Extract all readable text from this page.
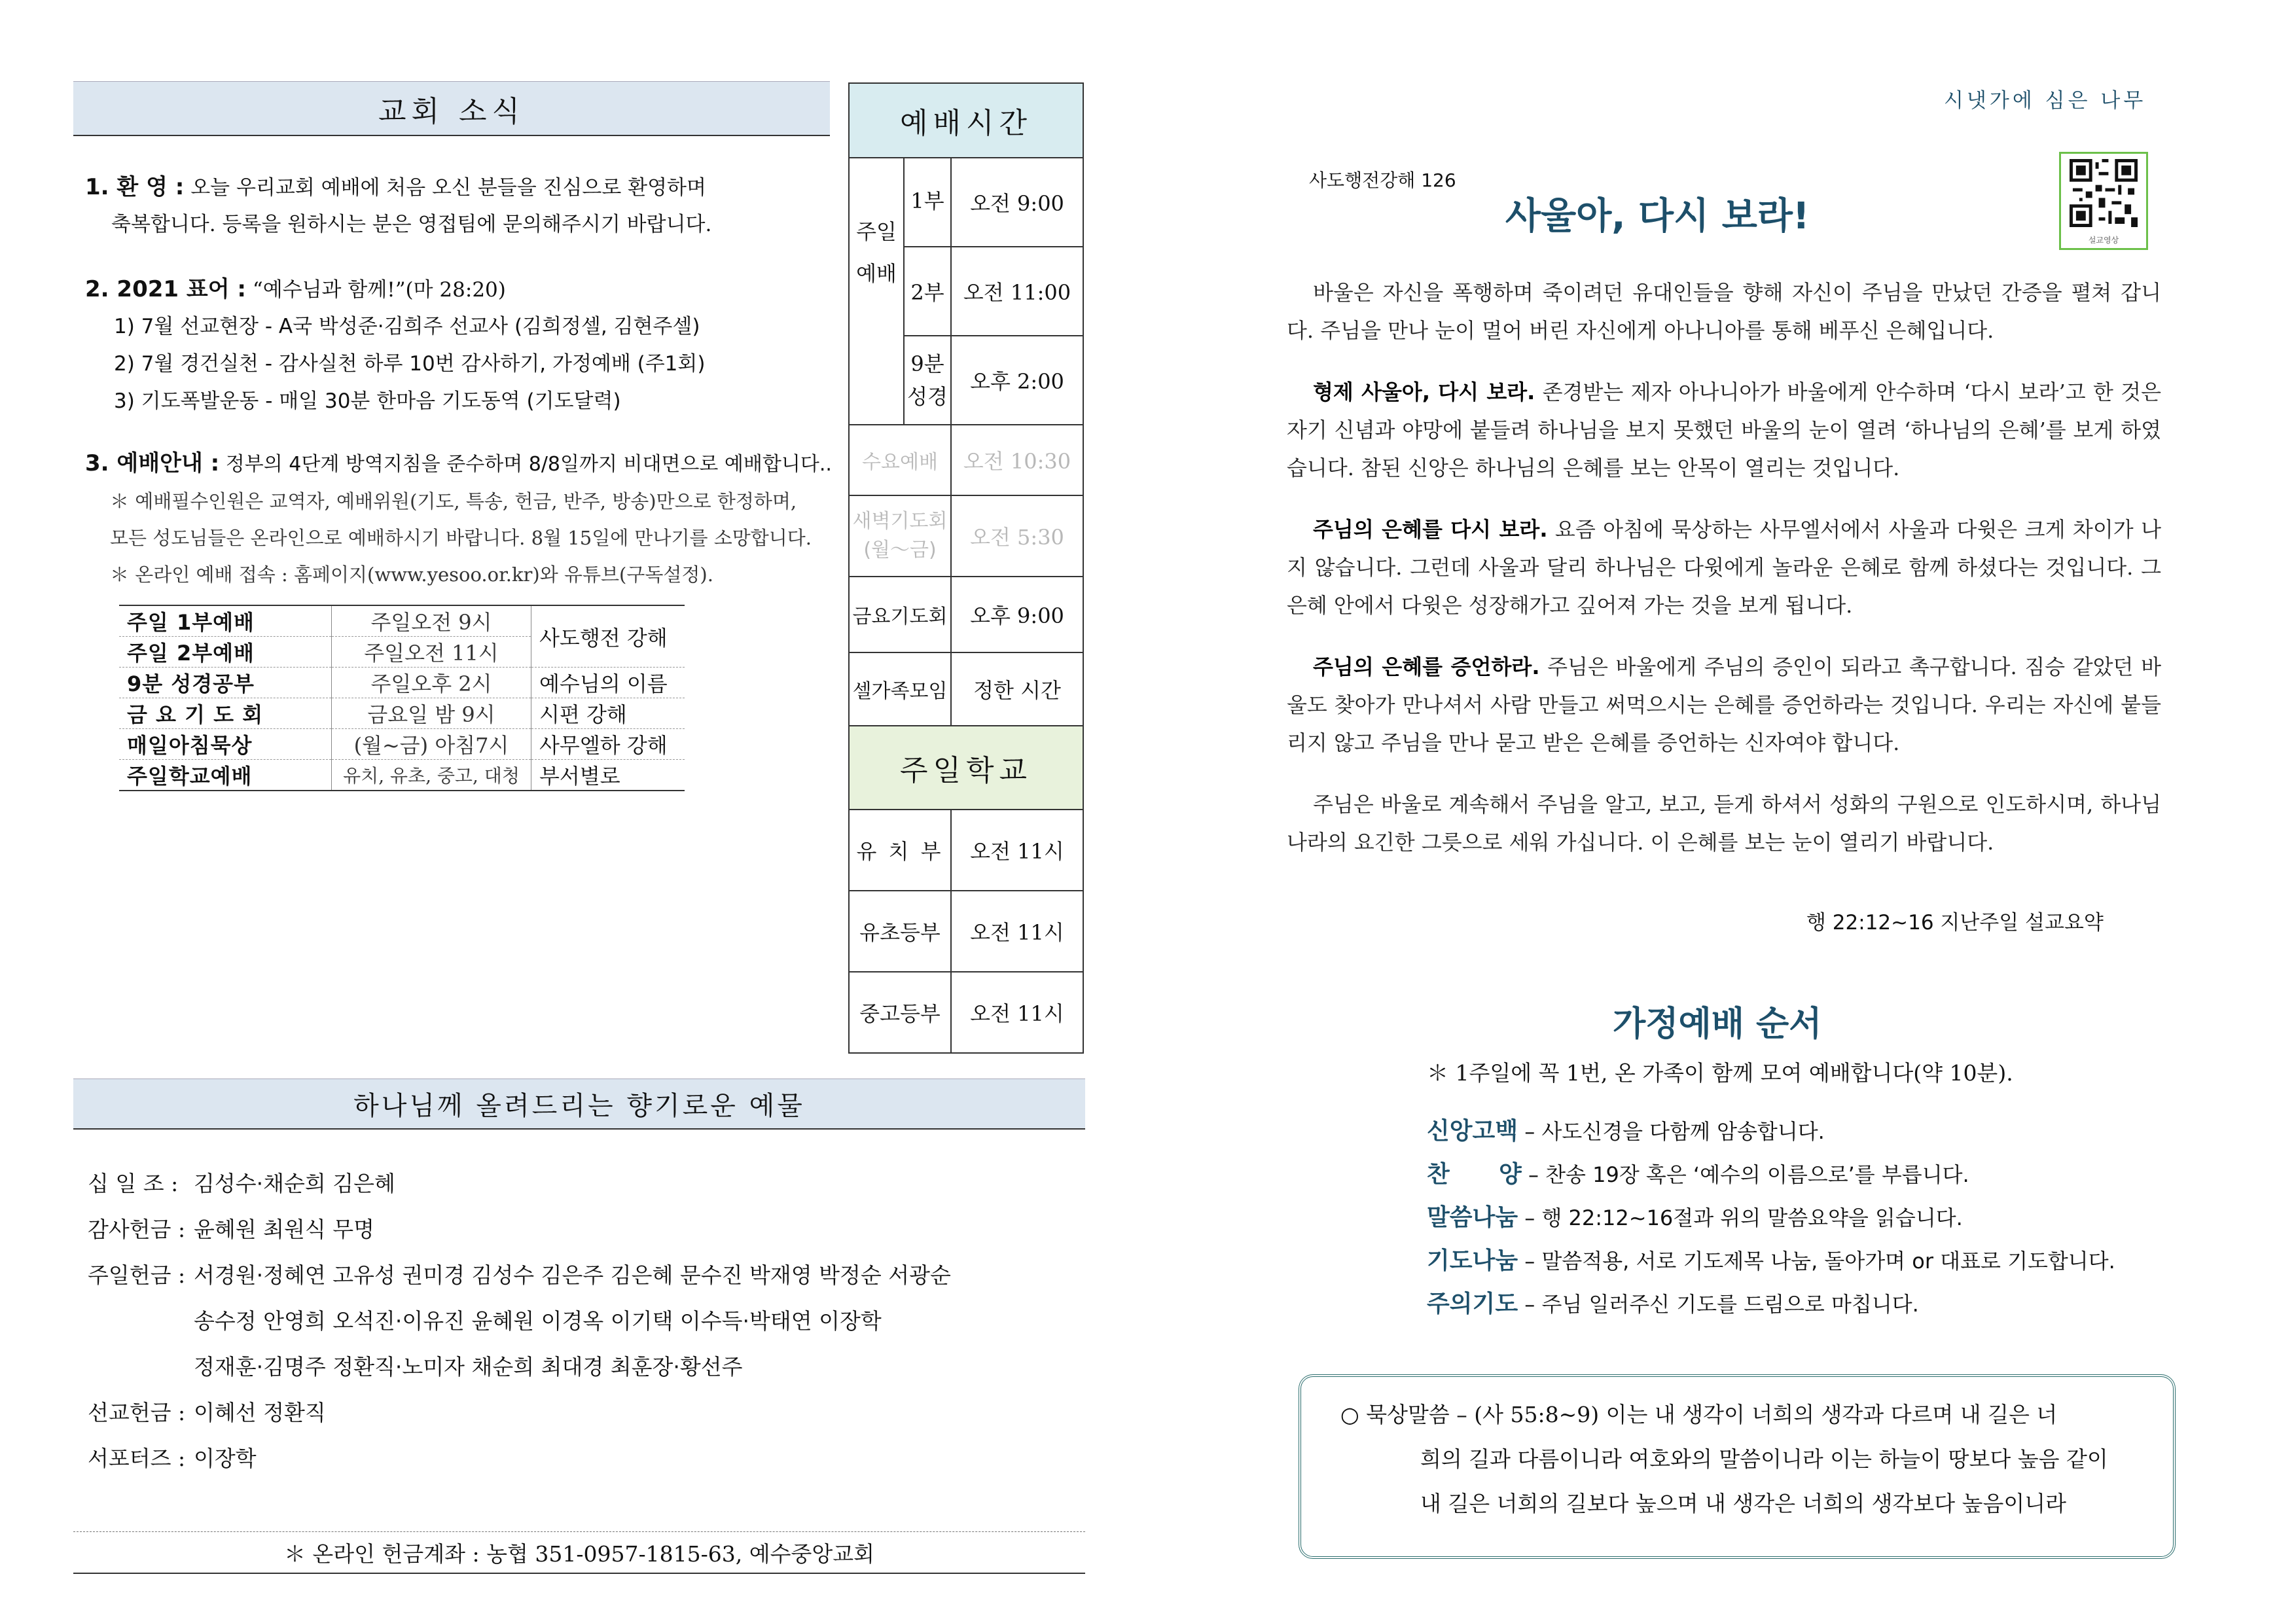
교회 소식
1. 환 영 : 오늘 우리교회 예배에 처음 오신 분들을 진심으로 환영하며
축복합니다. 등록을 원하시는 분은 영접팀에 문의해주시기 바랍니다.
2. 2021 표어 : “예수님과 함께!”(마 28:20)
1) 7월 선교현장 - A국 박성준·김희주 선교사 (김희정셀, 김현주셀)
2) 7월 경건실천 - 감사실천 하루 10번 감사하기, 가정예배 (주1회)
3) 기도폭발운동 - 매일 30분 한마음 기도동역 (기도달력)
3. 예배안내 : 정부의 4단계 방역지침을 준수하며 8/8일까지 비대면으로 예배합니다..
＊ 예배필수인원은 교역자, 예배위원(기도, 특송, 헌금, 반주, 방송)만으로 한정하며,
모든 성도님들은 온라인으로 예배하시기 바랍니다. 8월 15일에 만나기를 소망합니다.
＊ 온라인 예배 접속 : 홈페이지(www.yesoo.or.kr)와 유튜브(구독설정).
주일 1부예배	주일오전 9시	사도행전 강해
주일 2부예배	주일오전 11시	
9분 성경공부	주일오후 2시	예수님의 이름
금 요 기 도 회	금요일 밤 9시	시편 강해
매일아침묵상	(월~금) 아침7시	사무엘하 강해
주일학교예배	유치, 유초, 중고, 대청	부서별로
예배시간		
주일
예배	1부	오전 9:00
	2부	오전 11:00
	9분
성경	오후 2:00
수요예배		오전 10:30
새벽기도회
(월～금)		오전 5:30
금요기도회		오후 9:00
셀가족모임		정한 시간
주일학교		
유 치 부		오전 11시
유초등부		오전 11시
중고등부		오전 11시
하나님께 올려드리는 향기로운 예물
십 일 조 : 김성수·채순희 김은혜
감사헌금 : 윤혜원 최원식 무명
주일헌금 : 서경원·정혜연 고유성 권미경 김성수 김은주 김은혜 문수진 박재영 박정순 서광순
송수정 안영희 오석진·이유진 윤혜원 이경옥 이기택 이수득·박태연 이장학
정재훈·김명주 정환직·노미자 채순희 최대경 최훈장·황선주
선교헌금 : 이혜선 정환직
서포터즈 : 이장학
＊ 온라인 헌금계좌 : 농협 351-0957-1815-63, 예수중앙교회
시냇가에 심은 나무
사도행전강해 126
사울아, 다시 보라!
설교영상

바울은 자신을 폭행하며 죽이려던 유대인들을 향해 자신이 주님을 만났던 간증을 펼쳐 갑니다. 주님을 만나 눈이 멀어 버린 자신에게 아나니아를 통해 베푸신 은혜입니다.

형제 사울아, 다시 보라. 존경받는 제자 아나니아가 바울에게 안수하며 ‘다시 보라’고 한 것은 자기 신념과 야망에 붙들려 하나님을 보지 못했던 바울의 눈이 열려 ‘하나님의 은혜’를 보게 하였습니다. 참된 신앙은 하나님의 은혜를 보는 안목이 열리는 것입니다.

주님의 은혜를 다시 보라. 요즘 아침에 묵상하는 사무엘서에서 사울과 다윗은 크게 차이가 나지 않습니다. 그런데 사울과 달리 하나님은 다윗에게 놀라운 은혜로 함께 하셨다는 것입니다. 그 은혜 안에서 다윗은 성장해가고 깊어져 가는 것을 보게 됩니다.

주님의 은혜를 증언하라. 주님은 바울에게 주님의 증인이 되라고 촉구합니다. 짐승 같았던 바울도 찾아가 만나셔서 사람 만들고 써먹으시는 은혜를 증언하라는 것입니다. 우리는 자신에 붙들리지 않고 주님을 만나 묻고 받은 은혜를 증언하는 신자여야 합니다.

주님은 바울로 계속해서 주님을 알고, 보고, 듣게 하셔서 성화의 구원으로 인도하시며, 하나님 나라의 요긴한 그릇으로 세워 가십니다. 이 은혜를 보는 눈이 열리기 바랍니다.

행 22:12~16 지난주일 설교요약
가정예배 순서
＊ 1주일에 꼭 1번, 온 가족이 함께 모여 예배합니다(약 10분).
신앙고백 – 사도신경을 다함께 암송합니다.
찬      양 – 찬송 19장 혹은 ‘예수의 이름으로’를 부릅니다.
말씀나눔 – 행 22:12~16절과 위의 말씀요약을 읽습니다.
기도나눔 – 말씀적용, 서로 기도제목 나눔, 돌아가며 or 대표로 기도합니다.
주의기도 – 주님 일러주신 기도를 드림으로 마칩니다.
○ 묵상말씀 – (사 55:8~9) 이는 내 생각이 너희의 생각과 다르며 내 길은 너
희의 길과 다름이니라 여호와의 말씀이니라 이는 하늘이 땅보다 높음 같이
내 길은 너희의 길보다 높으며 내 생각은 너희의 생각보다 높음이니라
